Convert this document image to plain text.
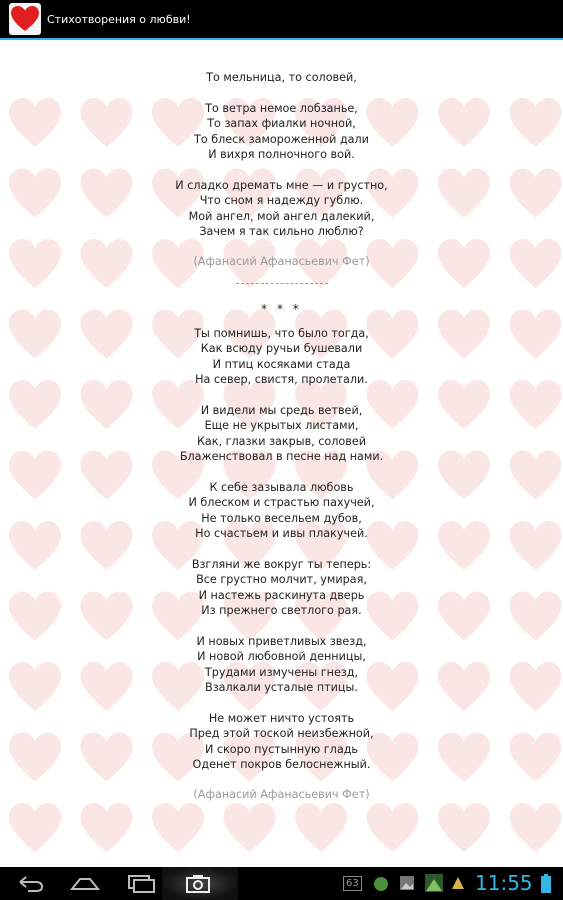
Стихотворения о любви!
То мельница, то соловей,
То ветра немое лобзанье,
То запах фиалки ночной,
То блеск замороженной дали
И вихря полночного вой.
И сладко дремать мне — и грустно,
Что сном я надежду гублю.
Мой ангел, мой ангел далекий,
Зачем я так сильно люблю?
(Афанасий Афанасьевич Фет)
* * *
Ты помнишь, что было тогда,
Как всюду ручьи бушевали
И птиц косяками стада
На север, свистя, пролетали.
И видели мы средь ветвей,
Еще не укрытых листами,
Как, глазки закрыв, соловей
Блаженствовал в песне над нами.
К себе зазывала любовь
И блеском и страстью пахучей,
Не только весельем дубов,
Но счастьем и ивы плакучей.
Взгляни же вокруг ты теперь:
Все грустно молчит, умирая,
И настежь раскинута дверь
Из прежнего светлого рая.
И новых приветливых звезд,
И новой любовной денницы,
Трудами измучены гнезд,
Взалкали усталые птицы.
Не может ничто устоять
Пред этой тоской неизбежной,
И скоро пустынную гладь
Оденет покров белоснежный.
(Афанасий Афанасьевич Фет)
63	11:55
